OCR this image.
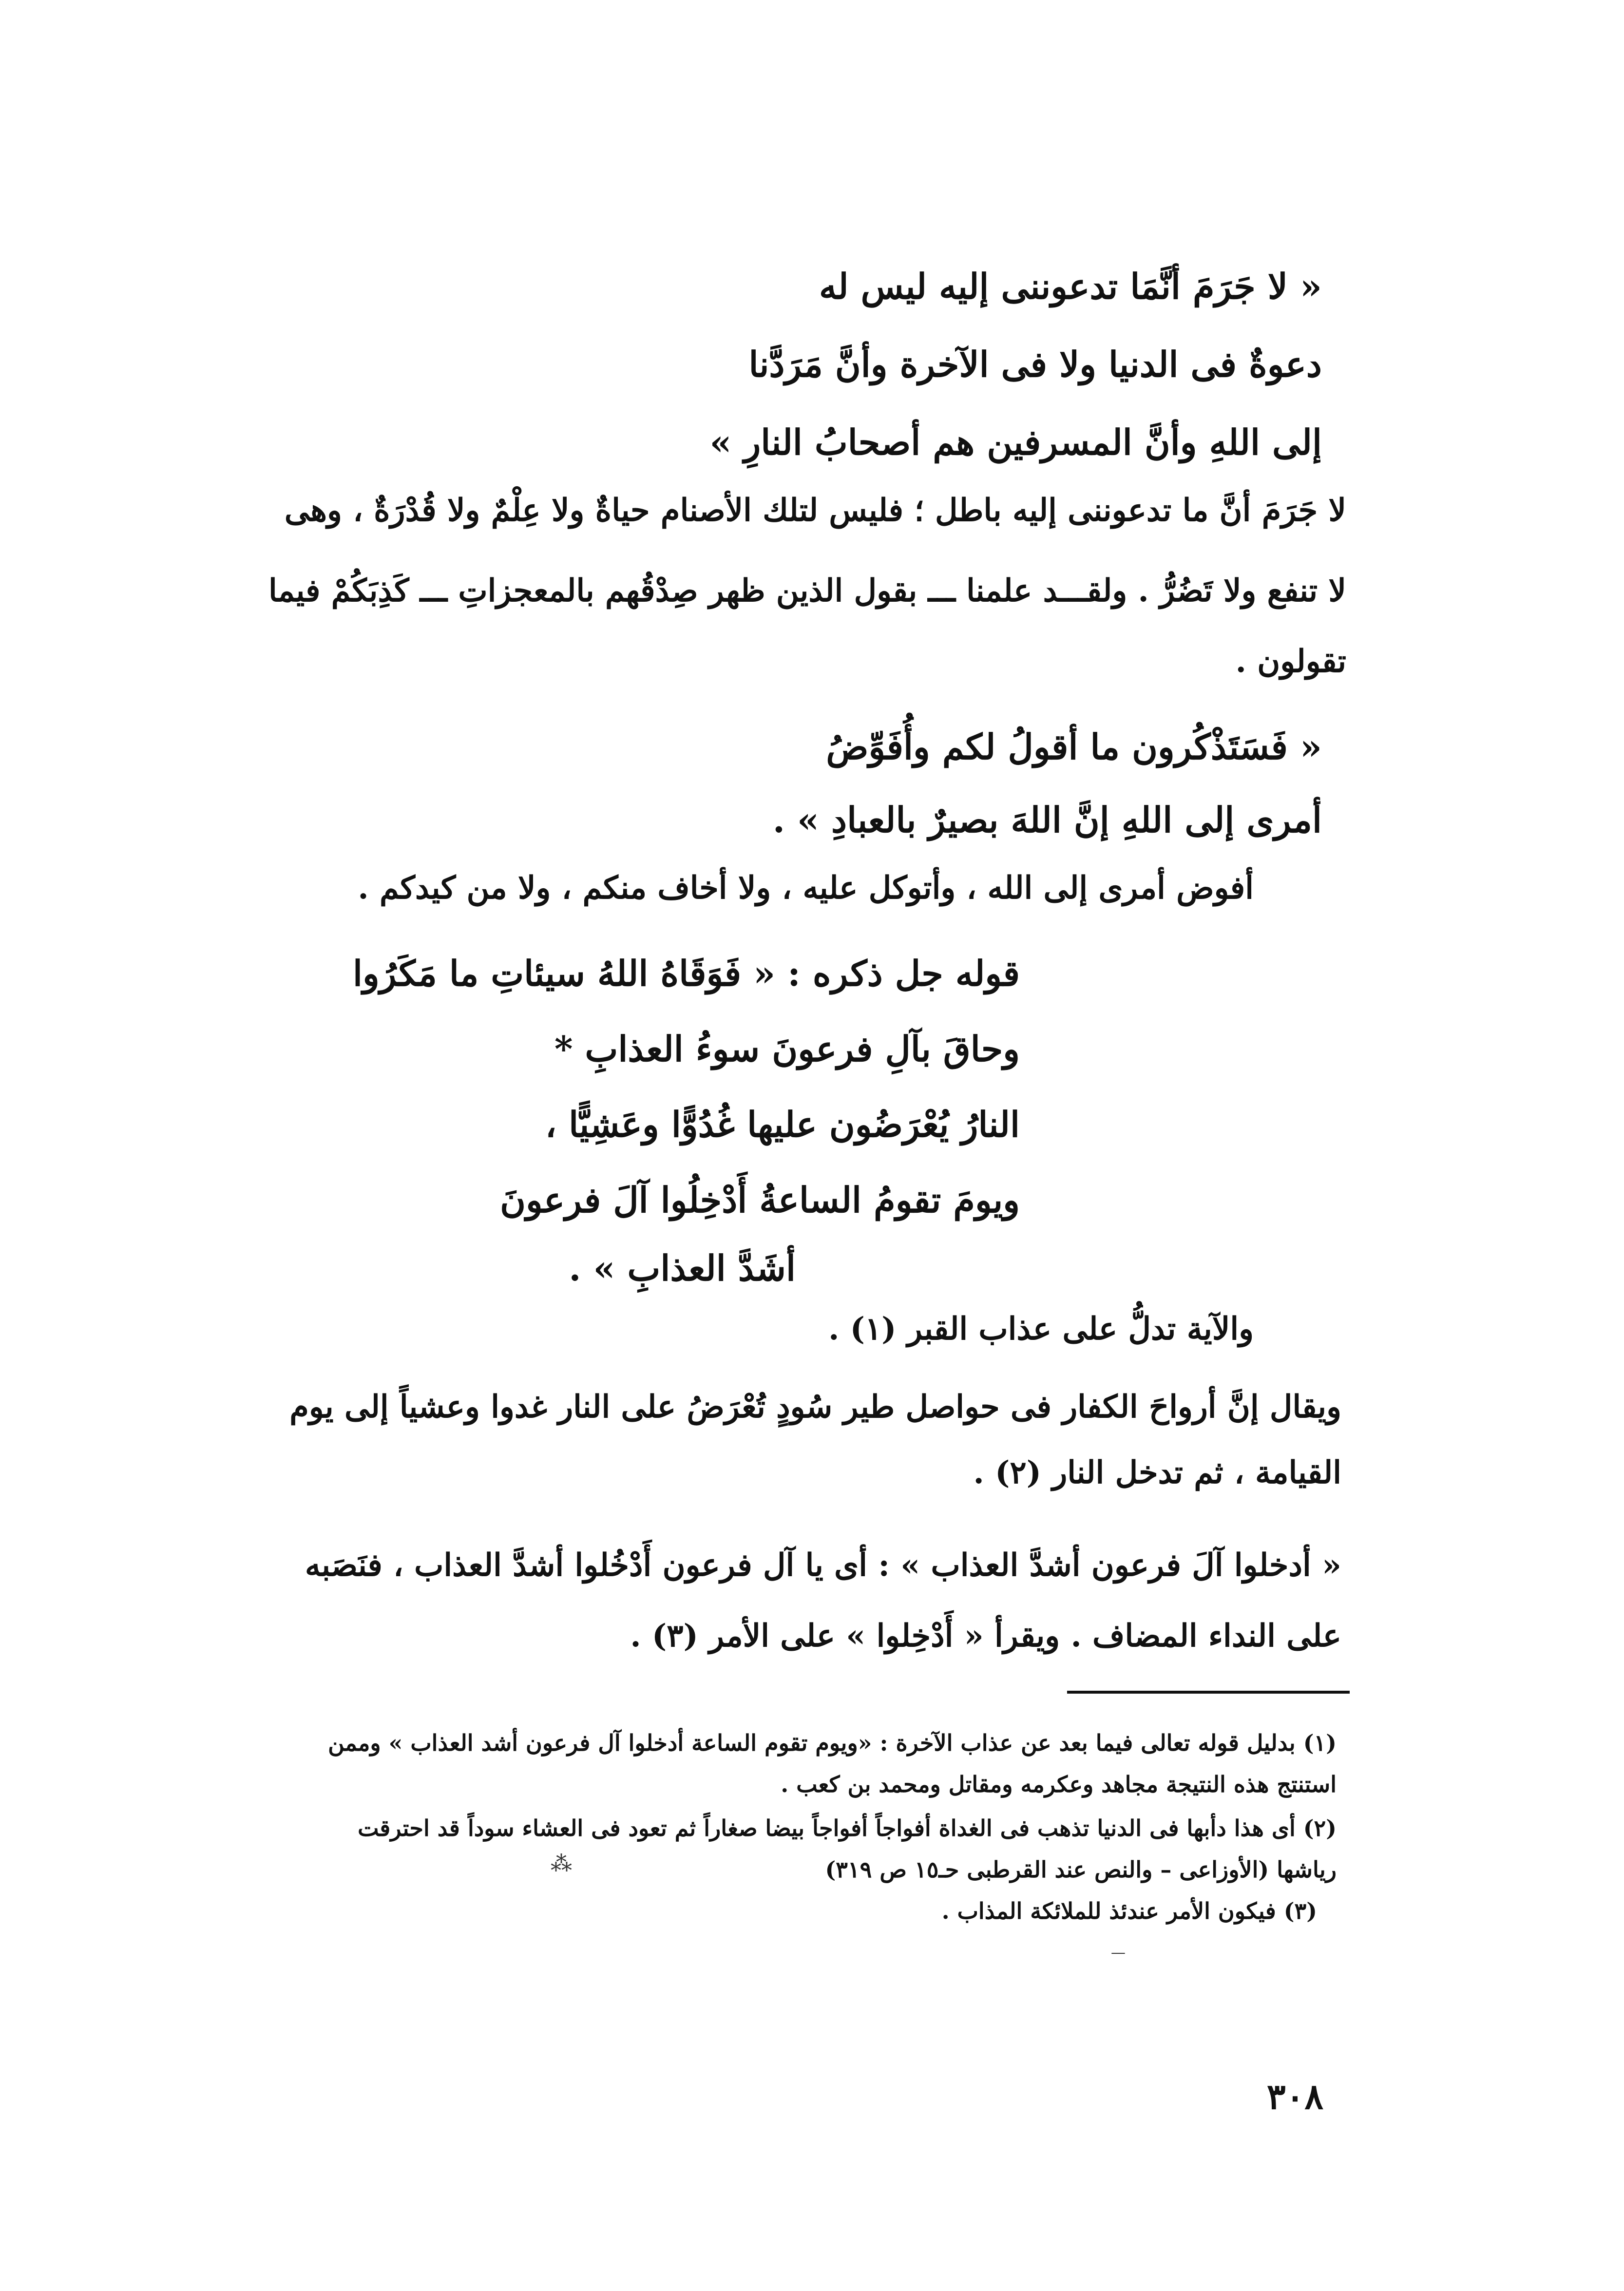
« لا جَرَمَ أنَّمَا تدعوننى إليه ليس له
دعوةٌ فى الدنيا ولا فى الآخرة وأنَّ مَرَدَّنا
إلى اللهِ وأنَّ المسرفين هم أصحابُ النارِ »
لا جَرَمَ أنَّ ما تدعوننى إليه باطل ؛ فليس لتلك الأصنام حياةٌ ولا عِلْمٌ ولا قُدْرَةٌ ، وهى
لا تنفع ولا تَضُرُّ . ولقـــد علمنا ـــ بقول الذين ظهر صِدْقُهم بالمعجزاتِ ـــ كَذِبَكُمْ فيما
تقولون .
« فَسَتَذْكُرون ما أقولُ لكم وأُفَوِّضُ
أمرى إلى اللهِ إنَّ اللهَ بصيرٌ بالعبادِ » .
أفوض أمرى إلى الله ، وأتوكل عليه ، ولا أخاف منكم ، ولا من كيدكم .
قوله جل ذكره : « فَوَقَاهُ اللهُ سيئاتِ ما مَكَرُوا
وحاقَ بآلِ فرعونَ سوءُ العذابِ *
النارُ يُعْرَضُون عليها غُدُوًّا وعَشِيًّا ،
ويومَ تقومُ الساعةُ أَدْخِلُوا آلَ فرعونَ
أشَدَّ العذابِ » .
والآية تدلُّ على عذاب القبر (١) .
ويقال إنَّ أرواحَ الكفار فى حواصل طير سُودٍ تُعْرَضُ على النار غدوا وعشياً إلى يوم
القيامة ، ثم تدخل النار (٢) .
« أدخلوا آلَ فرعون أشدَّ العذاب » : أى يا آل فرعون أَدْخُلوا أشدَّ العذاب ، فنَصَبه
على النداء المضاف . ويقرأ « أَدْخِلوا » على الأمر (٣) .
(١) بدليل قوله تعالى فيما بعد عن عذاب الآخرة : «ويوم تقوم الساعة أدخلوا آل فرعون أشد العذاب » وممن
استنتج هذه النتيجة مجاهد وعكرمه ومقاتل ومحمد بن كعب .
(٢) أى هذا دأبها فى الدنيا تذهب فى الغداة أفواجاً أفواجاً بيضا صغاراً ثم تعود فى العشاء سوداً قد احترقت
رياشها (الأوزاعى – والنص عند القرطبى حـ١٥ ص ٣١٩)
(٣) فيكون الأمر عندئذ للملائكة المذاب .
⁂
—
٣٠٨
